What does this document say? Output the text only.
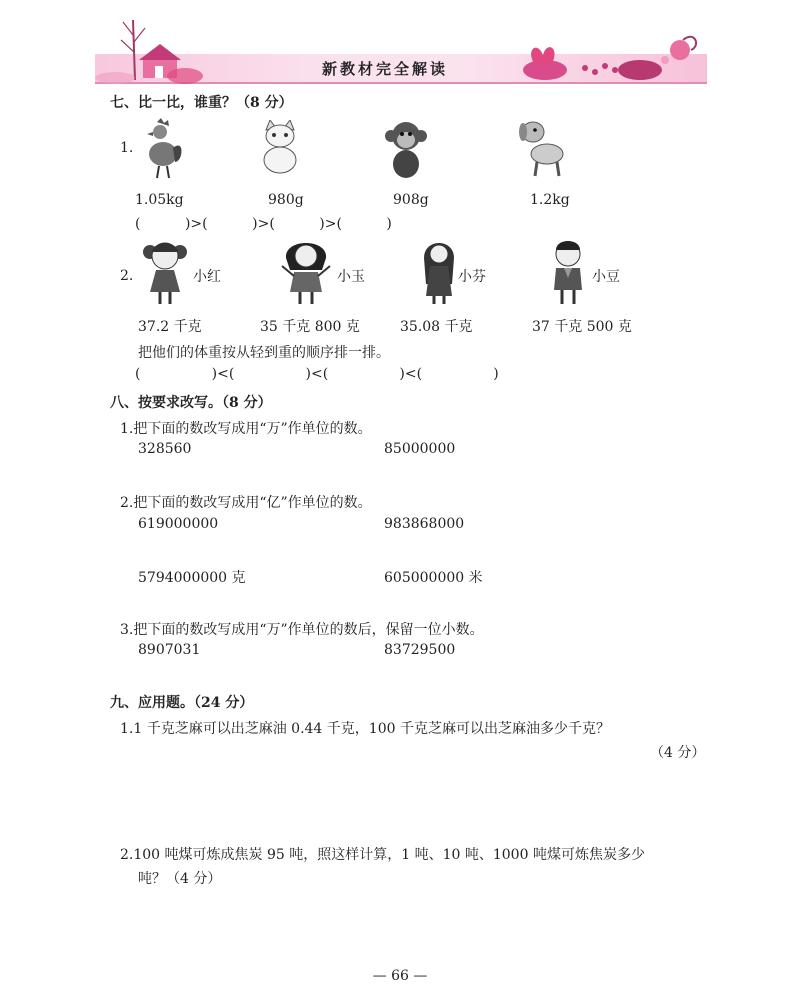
新教材完全解读
七、比一比，谁重？（8 分）
1.
1.05kg	980g	908g	1.2kg
(          )>(          )>(          )>(          )
2.	小红	小玉	小芬	小豆
37.2 千克	35 千克 800 克	35.08 千克	37 千克 500 克
把他们的体重按从轻到重的顺序排一排。
(                )<(                )<(                )<(                )
八、按要求改写。（8 分）
1.把下面的数改写成用“万”作单位的数。
328560	85000000
2.把下面的数改写成用“亿”作单位的数。
619000000	983868000
5794000000 克	605000000 米
3.把下面的数改写成用“万”作单位的数后，保留一位小数。
8907031	83729500
九、应用题。（24 分）
1.1 千克芝麻可以出芝麻油 0.44 千克，100 千克芝麻可以出芝麻油多少千克？
（4 分）
2.100 吨煤可炼成焦炭 95 吨，照这样计算，1 吨、10 吨、1000 吨煤可炼焦炭多少
吨？（4 分）
— 66 —
